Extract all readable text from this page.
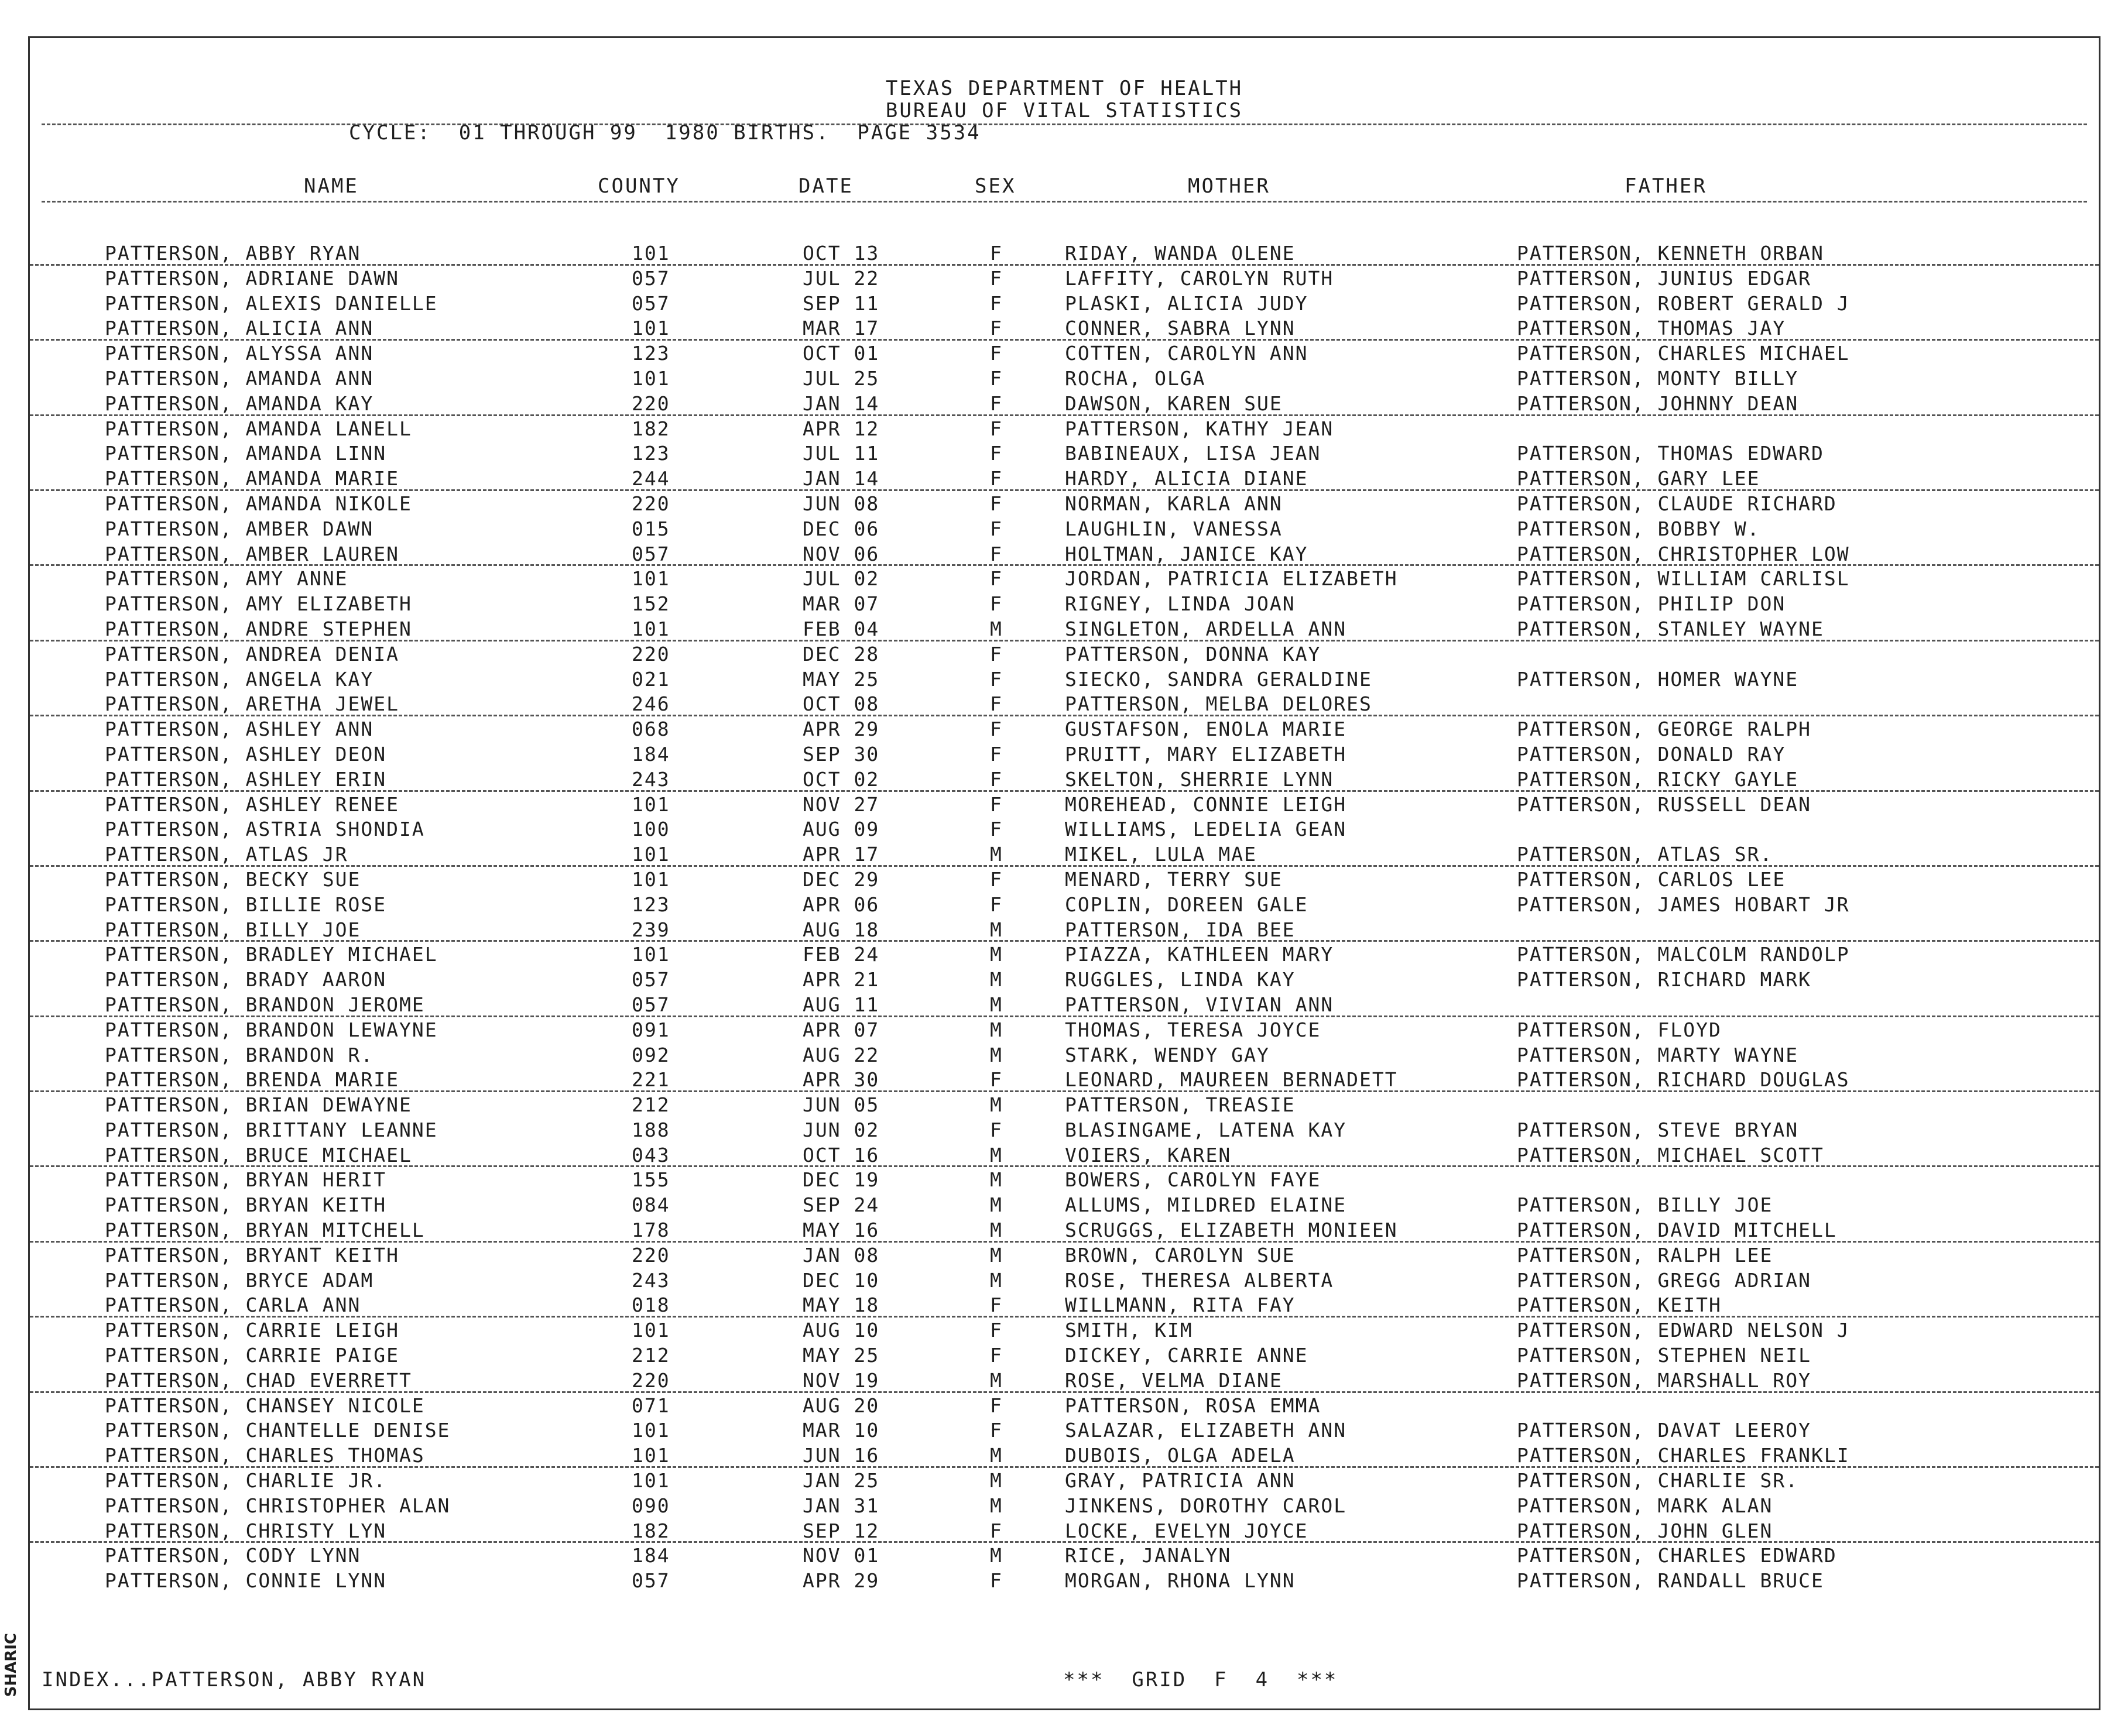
TEXAS DEPARTMENT OF HEALTH
BUREAU OF VITAL STATISTICS
CYCLE:  01 THROUGH 99  1980 BIRTHS.  PAGE 3534
NAME	COUNTY	DATE	SEX	MOTHER	FATHER
PATTERSON, ABBY RYAN	101	OCT 13	F	RIDAY, WANDA OLENE	PATTERSON, KENNETH ORBAN
PATTERSON, ADRIANE DAWN	057	JUL 22	F	LAFFITY, CAROLYN RUTH	PATTERSON, JUNIUS EDGAR
PATTERSON, ALEXIS DANIELLE	057	SEP 11	F	PLASKI, ALICIA JUDY	PATTERSON, ROBERT GERALD J
PATTERSON, ALICIA ANN	101	MAR 17	F	CONNER, SABRA LYNN	PATTERSON, THOMAS JAY
PATTERSON, ALYSSA ANN	123	OCT 01	F	COTTEN, CAROLYN ANN	PATTERSON, CHARLES MICHAEL
PATTERSON, AMANDA ANN	101	JUL 25	F	ROCHA, OLGA	PATTERSON, MONTY BILLY
PATTERSON, AMANDA KAY	220	JAN 14	F	DAWSON, KAREN SUE	PATTERSON, JOHNNY DEAN
PATTERSON, AMANDA LANELL	182	APR 12	F	PATTERSON, KATHY JEAN
PATTERSON, AMANDA LINN	123	JUL 11	F	BABINEAUX, LISA JEAN	PATTERSON, THOMAS EDWARD
PATTERSON, AMANDA MARIE	244	JAN 14	F	HARDY, ALICIA DIANE	PATTERSON, GARY LEE
PATTERSON, AMANDA NIKOLE	220	JUN 08	F	NORMAN, KARLA ANN	PATTERSON, CLAUDE RICHARD
PATTERSON, AMBER DAWN	015	DEC 06	F	LAUGHLIN, VANESSA	PATTERSON, BOBBY W.
PATTERSON, AMBER LAUREN	057	NOV 06	F	HOLTMAN, JANICE KAY	PATTERSON, CHRISTOPHER LOW
PATTERSON, AMY ANNE	101	JUL 02	F	JORDAN, PATRICIA ELIZABETH	PATTERSON, WILLIAM CARLISL
PATTERSON, AMY ELIZABETH	152	MAR 07	F	RIGNEY, LINDA JOAN	PATTERSON, PHILIP DON
PATTERSON, ANDRE STEPHEN	101	FEB 04	M	SINGLETON, ARDELLA ANN	PATTERSON, STANLEY WAYNE
PATTERSON, ANDREA DENIA	220	DEC 28	F	PATTERSON, DONNA KAY
PATTERSON, ANGELA KAY	021	MAY 25	F	SIECKO, SANDRA GERALDINE	PATTERSON, HOMER WAYNE
PATTERSON, ARETHA JEWEL	246	OCT 08	F	PATTERSON, MELBA DELORES
PATTERSON, ASHLEY ANN	068	APR 29	F	GUSTAFSON, ENOLA MARIE	PATTERSON, GEORGE RALPH
PATTERSON, ASHLEY DEON	184	SEP 30	F	PRUITT, MARY ELIZABETH	PATTERSON, DONALD RAY
PATTERSON, ASHLEY ERIN	243	OCT 02	F	SKELTON, SHERRIE LYNN	PATTERSON, RICKY GAYLE
PATTERSON, ASHLEY RENEE	101	NOV 27	F	MOREHEAD, CONNIE LEIGH	PATTERSON, RUSSELL DEAN
PATTERSON, ASTRIA SHONDIA	100	AUG 09	F	WILLIAMS, LEDELIA GEAN
PATTERSON, ATLAS JR	101	APR 17	M	MIKEL, LULA MAE	PATTERSON, ATLAS SR.
PATTERSON, BECKY SUE	101	DEC 29	F	MENARD, TERRY SUE	PATTERSON, CARLOS LEE
PATTERSON, BILLIE ROSE	123	APR 06	F	COPLIN, DOREEN GALE	PATTERSON, JAMES HOBART JR
PATTERSON, BILLY JOE	239	AUG 18	M	PATTERSON, IDA BEE
PATTERSON, BRADLEY MICHAEL	101	FEB 24	M	PIAZZA, KATHLEEN MARY	PATTERSON, MALCOLM RANDOLP
PATTERSON, BRADY AARON	057	APR 21	M	RUGGLES, LINDA KAY	PATTERSON, RICHARD MARK
PATTERSON, BRANDON JEROME	057	AUG 11	M	PATTERSON, VIVIAN ANN
PATTERSON, BRANDON LEWAYNE	091	APR 07	M	THOMAS, TERESA JOYCE	PATTERSON, FLOYD
PATTERSON, BRANDON R.	092	AUG 22	M	STARK, WENDY GAY	PATTERSON, MARTY WAYNE
PATTERSON, BRENDA MARIE	221	APR 30	F	LEONARD, MAUREEN BERNADETT	PATTERSON, RICHARD DOUGLAS
PATTERSON, BRIAN DEWAYNE	212	JUN 05	M	PATTERSON, TREASIE
PATTERSON, BRITTANY LEANNE	188	JUN 02	F	BLASINGAME, LATENA KAY	PATTERSON, STEVE BRYAN
PATTERSON, BRUCE MICHAEL	043	OCT 16	M	VOIERS, KAREN	PATTERSON, MICHAEL SCOTT
PATTERSON, BRYAN HERIT	155	DEC 19	M	BOWERS, CAROLYN FAYE
PATTERSON, BRYAN KEITH	084	SEP 24	M	ALLUMS, MILDRED ELAINE	PATTERSON, BILLY JOE
PATTERSON, BRYAN MITCHELL	178	MAY 16	M	SCRUGGS, ELIZABETH MONIEEN	PATTERSON, DAVID MITCHELL
PATTERSON, BRYANT KEITH	220	JAN 08	M	BROWN, CAROLYN SUE	PATTERSON, RALPH LEE
PATTERSON, BRYCE ADAM	243	DEC 10	M	ROSE, THERESA ALBERTA	PATTERSON, GREGG ADRIAN
PATTERSON, CARLA ANN	018	MAY 18	F	WILLMANN, RITA FAY	PATTERSON, KEITH
PATTERSON, CARRIE LEIGH	101	AUG 10	F	SMITH, KIM	PATTERSON, EDWARD NELSON J
PATTERSON, CARRIE PAIGE	212	MAY 25	F	DICKEY, CARRIE ANNE	PATTERSON, STEPHEN NEIL
PATTERSON, CHAD EVERRETT	220	NOV 19	M	ROSE, VELMA DIANE	PATTERSON, MARSHALL ROY
PATTERSON, CHANSEY NICOLE	071	AUG 20	F	PATTERSON, ROSA EMMA
PATTERSON, CHANTELLE DENISE	101	MAR 10	F	SALAZAR, ELIZABETH ANN	PATTERSON, DAVAT LEEROY
PATTERSON, CHARLES THOMAS	101	JUN 16	M	DUBOIS, OLGA ADELA	PATTERSON, CHARLES FRANKLI
PATTERSON, CHARLIE JR.	101	JAN 25	M	GRAY, PATRICIA ANN	PATTERSON, CHARLIE SR.
PATTERSON, CHRISTOPHER ALAN	090	JAN 31	M	JINKENS, DOROTHY CAROL	PATTERSON, MARK ALAN
PATTERSON, CHRISTY LYN	182	SEP 12	F	LOCKE, EVELYN JOYCE	PATTERSON, JOHN GLEN
PATTERSON, CODY LYNN	184	NOV 01	M	RICE, JANALYN	PATTERSON, CHARLES EDWARD
PATTERSON, CONNIE LYNN	057	APR 29	F	MORGAN, RHONA LYNN	PATTERSON, RANDALL BRUCE
INDEX...PATTERSON, ABBY RYAN	***  GRID  F  4  ***
SHARIC
